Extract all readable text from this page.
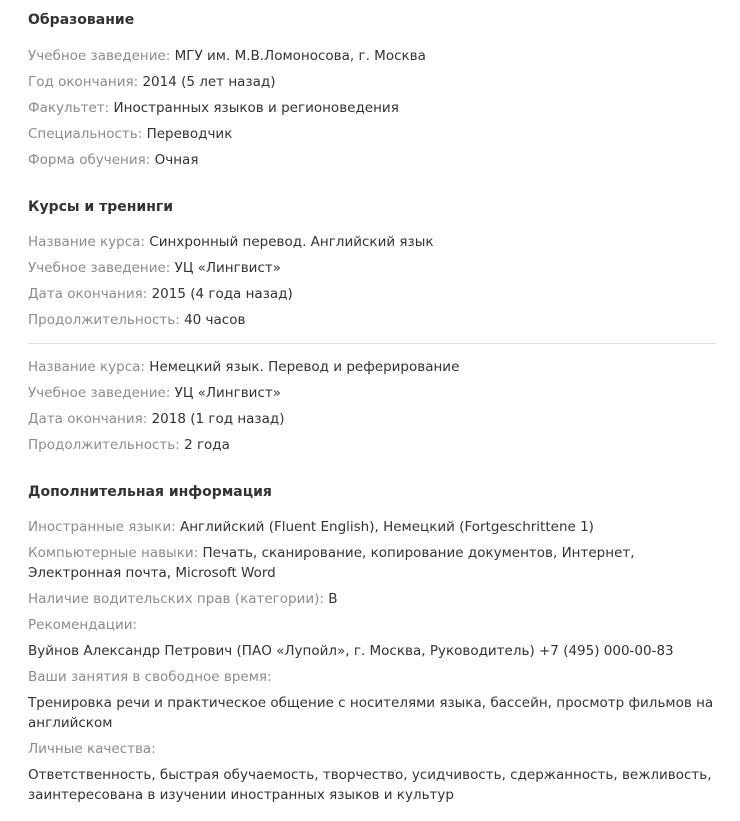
Образование
Учебное заведение: МГУ им. М.В.Ломоносова, г. Москва
Год окончания: 2014 (5 лет назад)
Факультет: Иностранных языков и регионоведения
Специальность: Переводчик
Форма обучения: Очная
Курсы и тренинги
Название курса: Синхронный перевод. Английский язык
Учебное заведение: УЦ «Лингвист»
Дата окончания: 2015 (4 года назад)
Продолжительность: 40 часов
Название курса: Немецкий язык. Перевод и реферирование
Учебное заведение: УЦ «Лингвист»
Дата окончания: 2018 (1 год назад)
Продолжительность: 2 года
Дополнительная информация
Иностранные языки: Английский (Fluent English), Немецкий (Fortgeschrittene 1)
Компьютерные навыки: Печать, сканирование, копирование документов, Интернет, Электронная почта, Microsoft Word
Наличие водительских прав (категории): B
Рекомендации:
Вуйнов Александр Петрович (ПАО «Лупойл», г. Москва, Руководитель) +7 (495) 000-00-83
Ваши занятия в свободное время:
Тренировка речи и практическое общение с носителями языка, бассейн, просмотр фильмов на английском
Личные качества:
Ответственность, быстрая обучаемость, творчество, усидчивость, сдержанность, вежливость, заинтересована в изучении иностранных языков и культур
